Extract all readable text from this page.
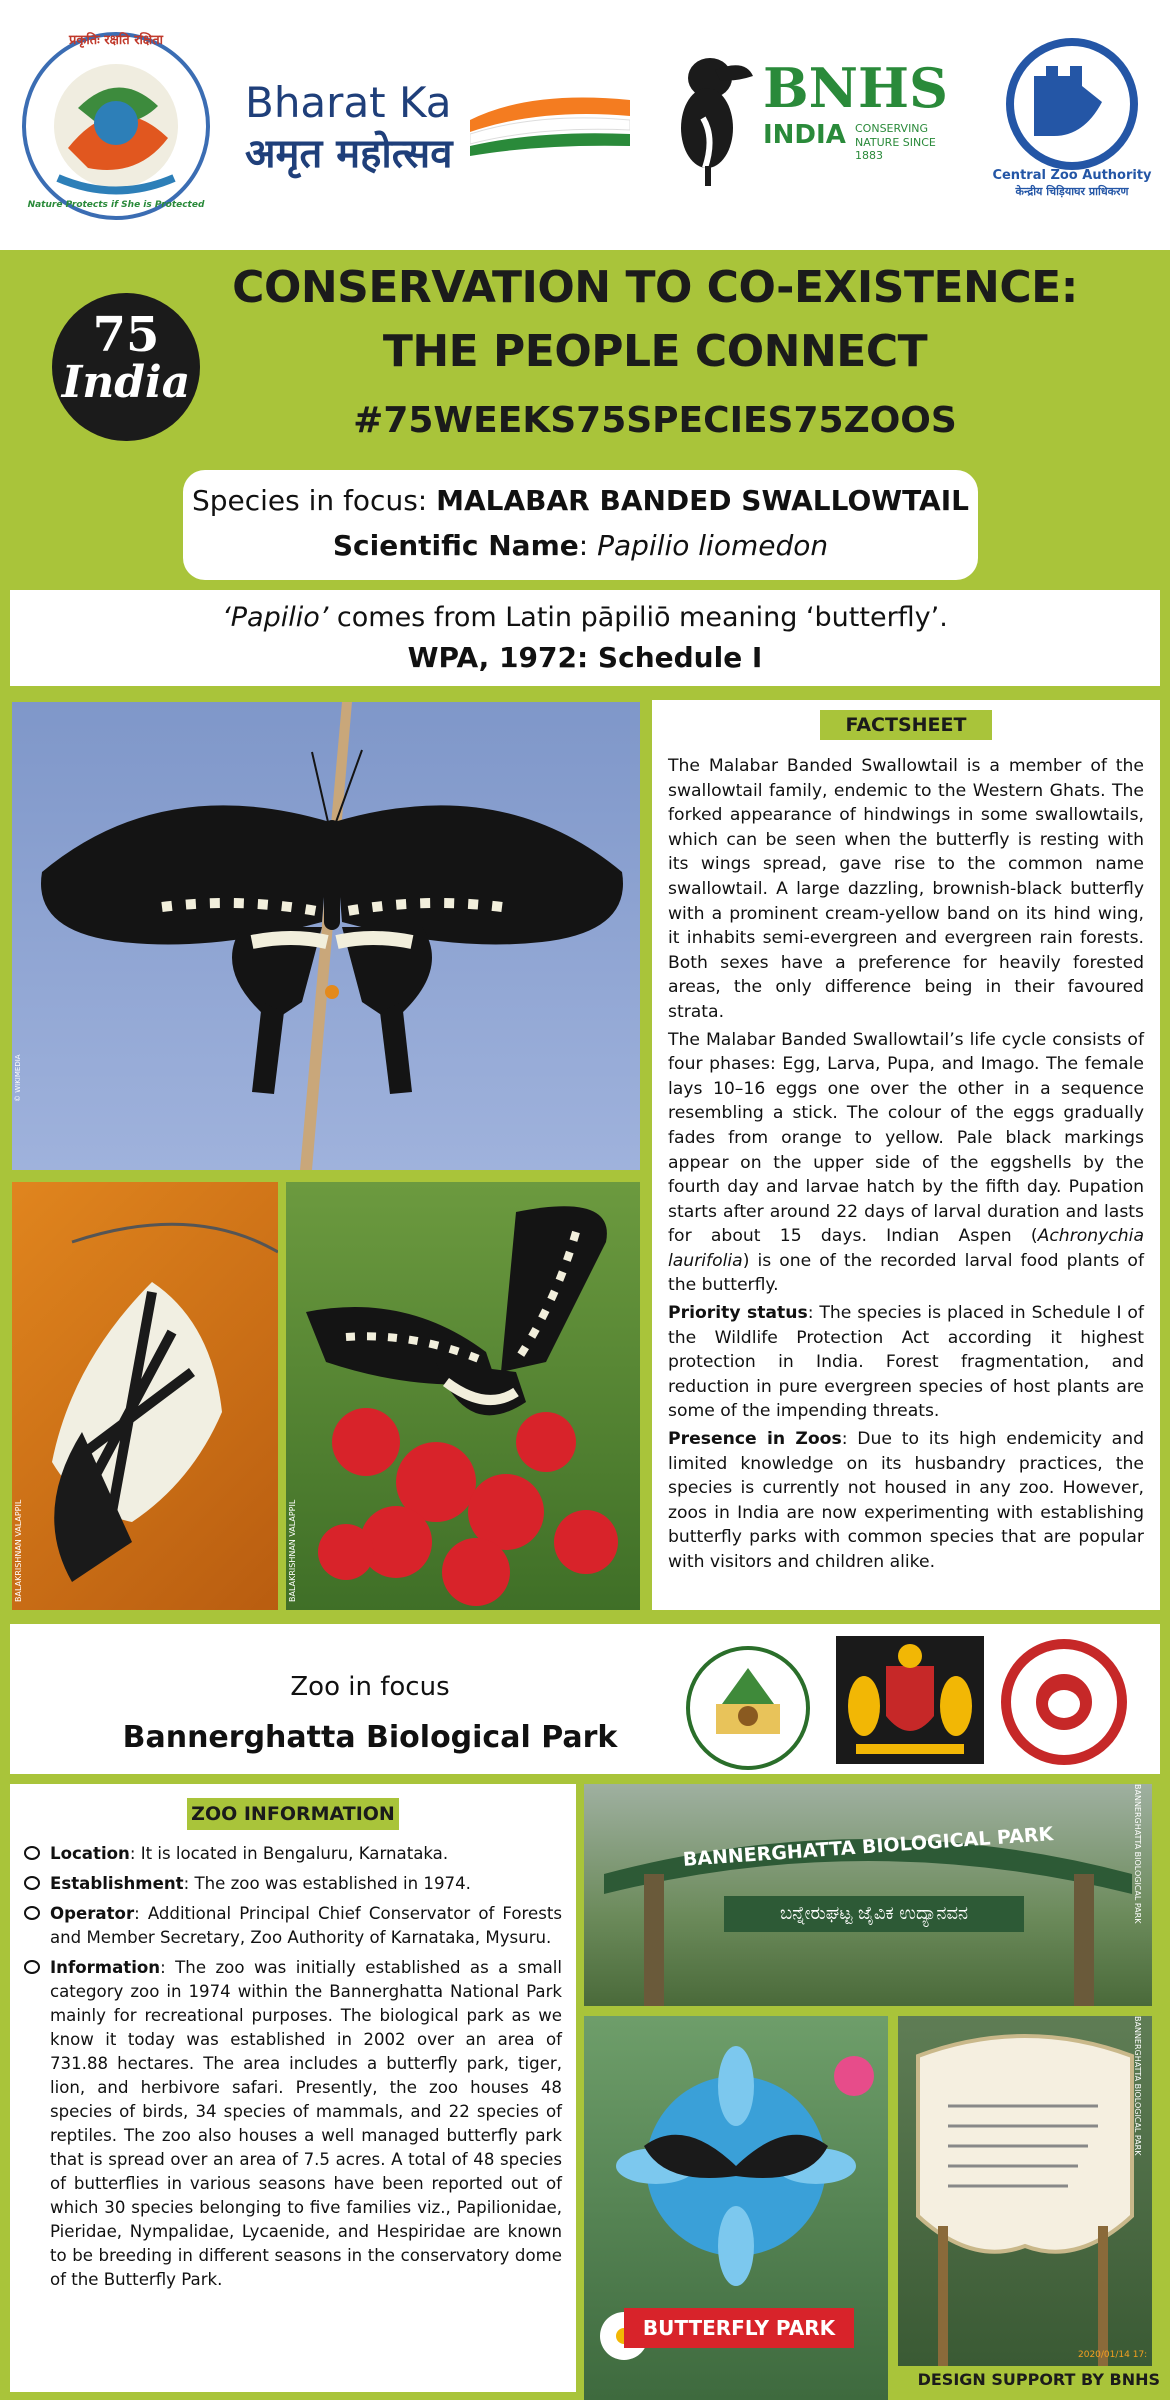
प्रकृतिः रक्षति रक्षिता
Nature Protects if She is Protected
Bharat Ka
अमृत महोत्सव
BNHS
INDIA CONSERVING
NATURE SINCE 1883
Central Zoo Authority
केन्द्रीय चिड़ियाघर प्राधिकरण
75
India
CONSERVATION TO CO-EXISTENCE:
THE PEOPLE CONNECT
#75WEEKS75SPECIES75ZOOS
Species in focus: MALABAR BANDED SWALLOWTAIL
Scientific Name: Papilio liomedon
‘Papilio’ comes from Latin pāpiliō meaning ‘butterfly’.
WPA, 1972: Schedule I
© WIKIMEDIA
BALAKRISHNAN VALAPPIL	BALAKRISHNAN VALAPPIL
FACTSHEET

The Malabar Banded Swallowtail is a member of the swallowtail family, endemic to the Western Ghats. The forked appearance of hindwings in some swallowtails, which can be seen when the butterfly is resting with its wings spread, gave rise to the common name swallowtail. A large dazzling, brownish-black butterfly with a prominent cream-yellow band on its hind wing, it inhabits semi-evergreen and evergreen rain forests. Both sexes have a preference for heavily forested areas, the only difference being in their favoured strata.

The Malabar Banded Swallowtail’s life cycle consists of four phases: Egg, Larva, Pupa, and Imago. The female lays 10–16 eggs one over the other in a sequence resembling a stick. The colour of the eggs gradually fades from orange to yellow. Pale black markings appear on the upper side of the eggshells by the fourth day and larvae hatch by the fifth day. Pupation starts after around 22 days of larval duration and lasts for about 15 days. Indian Aspen (Achronychia laurifolia) is one of the recorded larval food plants of the butterfly.

Priority status: The species is placed in Schedule I of the Wildlife Protection Act according it highest protection in India. Forest fragmentation, and reduction in pure evergreen species of host plants are some of the impending threats.

Presence in Zoos: Due to its high endemicity and limited knowledge on its husbandry practices, the species is currently not housed in any zoo. However, zoos in India are now experimenting with establishing butterfly parks with common species that are popular with visitors and children alike.

Zoo in focus
Bannerghatta Biological Park
ZOO INFORMATION

Location: It is located in Bengaluru, Karnataka.

Establishment: The zoo was established in 1974.

Operator: Additional Principal Chief Conservator of Forests and Member Secretary, Zoo Authority of Karnataka, Mysuru.

Information: The zoo was initially established as a small category zoo in 1974 within the Bannerghatta National Park mainly for recreational purposes. The biological park as we know it today was established in 2002 over an area of 731.88 hectares. The area includes a butterfly park, tiger, lion, and herbivore safari. Presently, the zoo houses 48 species of birds, 34 species of mammals, and 22 species of reptiles. The zoo also houses a well managed butterfly park that is spread over an area of 7.5 acres. A total of 48 species of butterflies in various seasons have been reported out of which 30 species belonging to five families viz., Papilionidae, Pieridae, Nympalidae, Lycaenide, and Hespiridae are known to be breeding in different seasons in the conservatory dome of the Butterfly Park.

BANNERGHATTA BIOLOGICAL PARK
ಬನ್ನೇರುಘಟ್ಟ ಜೈವಿಕ ಉದ್ಯಾನವನ	BANNERGHATTA BIOLOGICAL PARK
BUTTERFLY PARK
BANNERGHATTA BIOLOGICAL PARK
2020/01/14 17:
DESIGN SUPPORT BY BNHS
